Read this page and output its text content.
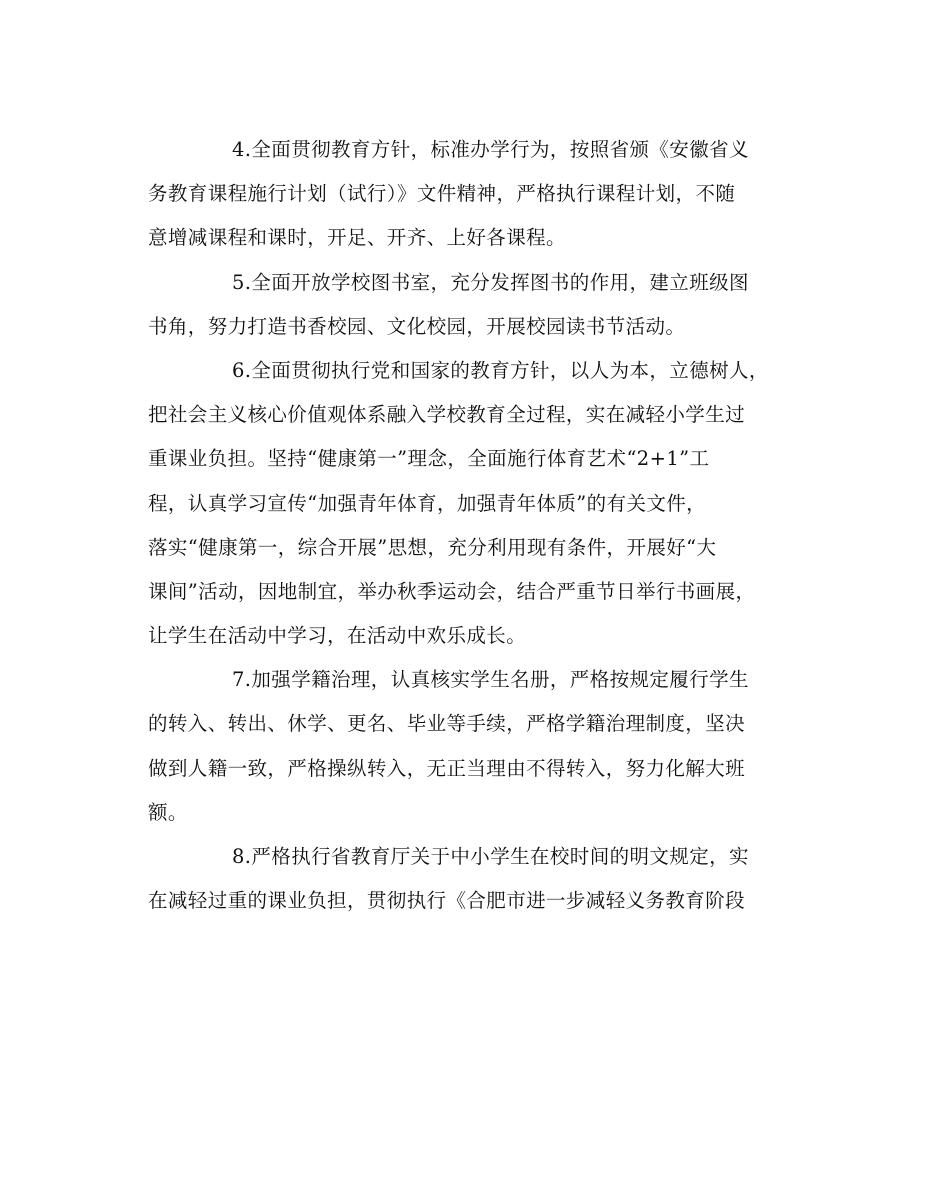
4.全面贯彻教育方针，标准办学行为，按照省颁《安徽省义
务教育课程施行计划（试行）》文件精神，严格执行课程计划，不随
意增减课程和课时，开足、开齐、上好各课程。
5.全面开放学校图书室，充分发挥图书的作用，建立班级图
书角，努力打造书香校园、文化校园，开展校园读书节活动。
6.全面贯彻执行党和国家的教育方针，以人为本，立德树人，
把社会主义核心价值观体系融入学校教育全过程，实在减轻小学生过
重课业负担。坚持“健康第一”理念，全面施行体育艺术“2+1”工
程，认真学习宣传“加强青年体育，加强青年体质”的有关文件，
落实“健康第一，综合开展”思想，充分利用现有条件，开展好“大
课间”活动，因地制宜，举办秋季运动会，结合严重节日举行书画展，
让学生在活动中学习，在活动中欢乐成长。
7.加强学籍治理，认真核实学生名册，严格按规定履行学生
的转入、转出、休学、更名、毕业等手续，严格学籍治理制度，坚决
做到人籍一致，严格操纵转入，无正当理由不得转入，努力化解大班
额。
8.严格执行省教育厅关于中小学生在校时间的明文规定，实
在减轻过重的课业负担，贯彻执行《合肥市进一步减轻义务教育阶段
